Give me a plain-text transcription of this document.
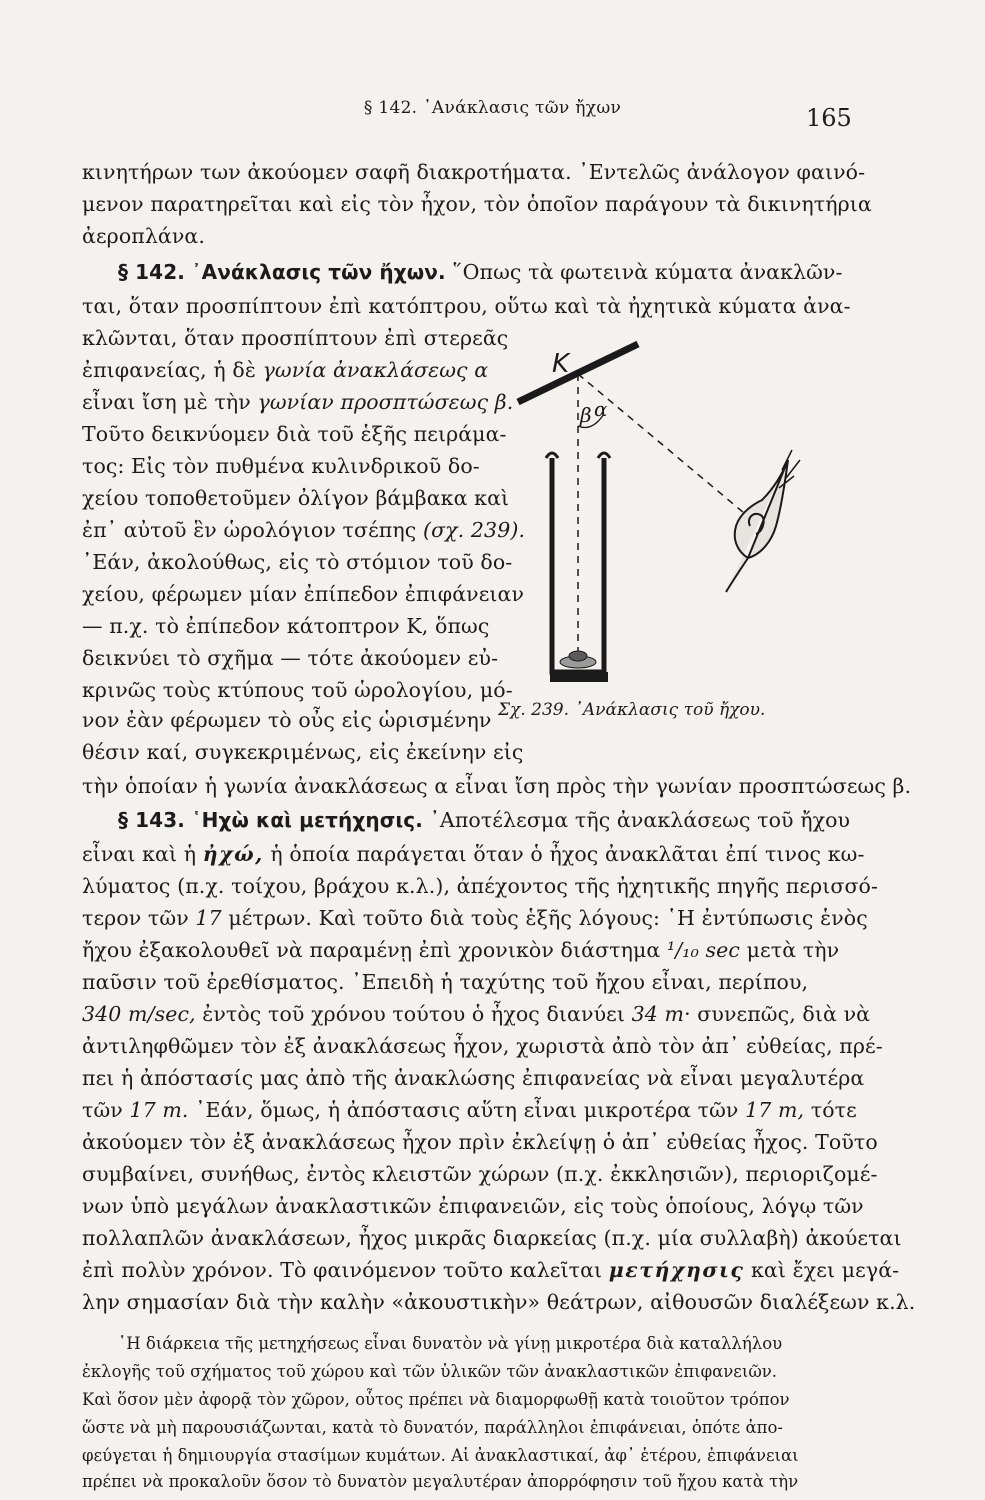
§ 142. ᾿Ανάκλασις τῶν ἤχων	165
κινητήρων των ἀκούομεν σαφῆ διακροτήματα. ᾿Εντελῶς ἀνάλογον φαινό-
μενον παρατηρεῖται καὶ εἰς τὸν ἦχον, τὸν ὁποῖον παράγουν τὰ δικινητήρια
ἀεροπλάνα.
§ 142. ᾿Ανάκλασις τῶν ἤχων. ῞Οπως τὰ φωτεινὰ κύματα ἀνακλῶν-
ται, ὅταν προσπίπτουν ἐπὶ κατόπτρου, οὕτω καὶ τὰ ἠχητικὰ κύματα ἀνα-
κλῶνται, ὅταν προσπίπτουν ἐπὶ στερεᾶς
ἐπιφανείας, ἡ δὲ γωνία ἀνακλάσεως α
εἶναι ἴση μὲ τὴν γωνίαν προσπτώσεως β.
Τοῦτο δεικνύομεν διὰ τοῦ ἑξῆς πειράμα-
τος: Εἰς τὸν πυθμένα κυλινδρικοῦ δο-
χείου τοποθετοῦμεν ὀλίγον βάμβακα καὶ
ἐπ᾿ αὐτοῦ ἓν ὡρολόγιον τσέπης (σχ. 239).
᾿Εάν, ἀκολούθως, εἰς τὸ στόμιον τοῦ δο-
χείου, φέρωμεν μίαν ἐπίπεδον ἐπιφάνειαν
— π.χ. τὸ ἐπίπεδον κάτοπτρον Κ, ὅπως
δεικνύει τὸ σχῆμα — τότε ἀκούομεν εὐ-
κρινῶς τοὺς κτύπους τοῦ ὡρολογίου, μό-
νον ἐὰν φέρωμεν τὸ οὖς εἰς ὡρισμένην
θέσιν καί, συγκεκριμένως, εἰς ἐκείνην εἰς
τὴν ὁποίαν ἡ γωνία ἀνακλάσεως α εἶναι ἴση πρὸς τὴν γωνίαν προσπτώσεως β.
Κ
β α
Σχ. 239. ᾿Ανάκλασις τοῦ ἤχου.
§ 143. ῾Ηχὼ καὶ μετήχησις. ᾿Αποτέλεσμα τῆς ἀνακλάσεως τοῦ ἤχου
εἶναι καὶ ἡ ἠχώ, ἡ ὁποία παράγεται ὅταν ὁ ἦχος ἀνακλᾶται ἐπί τινος κω-
λύματος (π.χ. τοίχου, βράχου κ.λ.), ἀπέχοντος τῆς ἠχητικῆς πηγῆς περισσό-
τερον τῶν 17 μέτρων. Καὶ τοῦτο διὰ τοὺς ἑξῆς λόγους: ῾Η ἐντύπωσις ἑνὸς
ἤχου ἐξακολουθεῖ νὰ παραμένῃ ἐπὶ χρονικὸν διάστημα ¹/₁₀ sec μετὰ τὴν
παῦσιν τοῦ ἐρεθίσματος. ᾿Επειδὴ ἡ ταχύτης τοῦ ἤχου εἶναι, περίπου,
340 m/sec, ἐντὸς τοῦ χρόνου τούτου ὁ ἦχος διανύει 34 m· συνεπῶς, διὰ νὰ
ἀντιληφθῶμεν τὸν ἐξ ἀνακλάσεως ἦχον, χωριστὰ ἀπὸ τὸν ἀπ᾿ εὐθείας, πρέ-
πει ἡ ἀπόστασίς μας ἀπὸ τῆς ἀνακλώσης ἐπιφανείας νὰ εἶναι μεγαλυτέρα
τῶν 17 m. ᾿Εάν, ὅμως, ἡ ἀπόστασις αὕτη εἶναι μικροτέρα τῶν 17 m, τότε
ἀκούομεν τὸν ἐξ ἀνακλάσεως ἦχον πρὶν ἐκλείψῃ ὁ ἀπ᾿ εὐθείας ἦχος. Τοῦτο
συμβαίνει, συνήθως, ἐντὸς κλειστῶν χώρων (π.χ. ἐκκλησιῶν), περιοριζομέ-
νων ὑπὸ μεγάλων ἀνακλαστικῶν ἐπιφανειῶν, εἰς τοὺς ὁποίους, λόγῳ τῶν
πολλαπλῶν ἀνακλάσεων, ἦχος μικρᾶς διαρκείας (π.χ. μία συλλαβὴ) ἀκούεται
ἐπὶ πολὺν χρόνον. Τὸ φαινόμενον τοῦτο καλεῖται μετήχησις καὶ ἔχει μεγά-
λην σημασίαν διὰ τὴν καλὴν «ἀκουστικὴν» θεάτρων, αἰθουσῶν διαλέξεων κ.λ.
῾Η διάρκεια τῆς μετηχήσεως εἶναι δυνατὸν νὰ γίνῃ μικροτέρα διὰ καταλλήλου
ἐκλογῆς τοῦ σχήματος τοῦ χώρου καὶ τῶν ὑλικῶν τῶν ἀνακλαστικῶν ἐπιφανειῶν.
Καὶ ὅσον μὲν ἀφορᾷ τὸν χῶρον, οὗτος πρέπει νὰ διαμορφωθῇ κατὰ τοιοῦτον τρόπον
ὥστε νὰ μὴ παρουσιάζωνται, κατὰ τὸ δυνατόν, παράλληλοι ἐπιφάνειαι, ὁπότε ἀπο-
φεύγεται ἡ δημιουργία στασίμων κυμάτων. Αἱ ἀνακλαστικαί, ἀφ᾿ ἑτέρου, ἐπιφάνειαι
πρέπει νὰ προκαλοῦν ὅσον τὸ δυνατὸν μεγαλυτέραν ἀπορρόφησιν τοῦ ἤχου κατὰ τὴν
